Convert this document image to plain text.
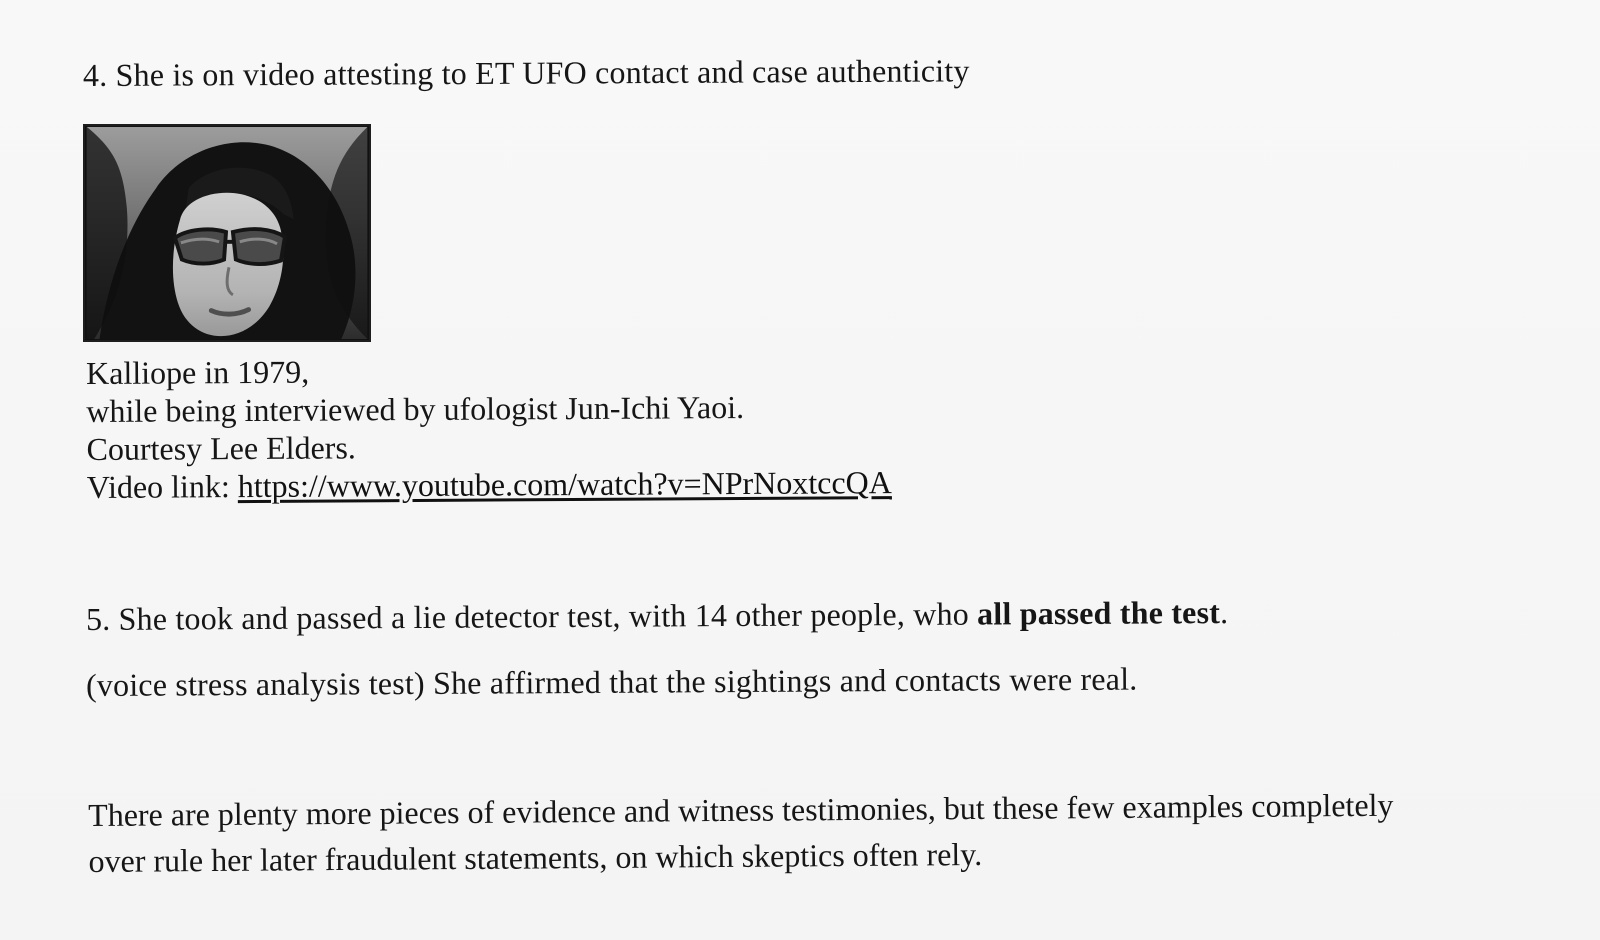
4. She is on video attesting to ET UFO contact and case authenticity
Kalliope in 1979,
while being interviewed by ufologist Jun-Ichi Yaoi.
Courtesy Lee Elders.
Video link: https://www.youtube.com/watch?v=NPrNoxtccQA
5. She took and passed a lie detector test, with 14 other people, who all passed the test.
(voice stress analysis test) She affirmed that the sightings and contacts were real.
There are plenty more pieces of evidence and witness testimonies, but these few examples completely
over rule her later fraudulent statements, on which skeptics often rely.
